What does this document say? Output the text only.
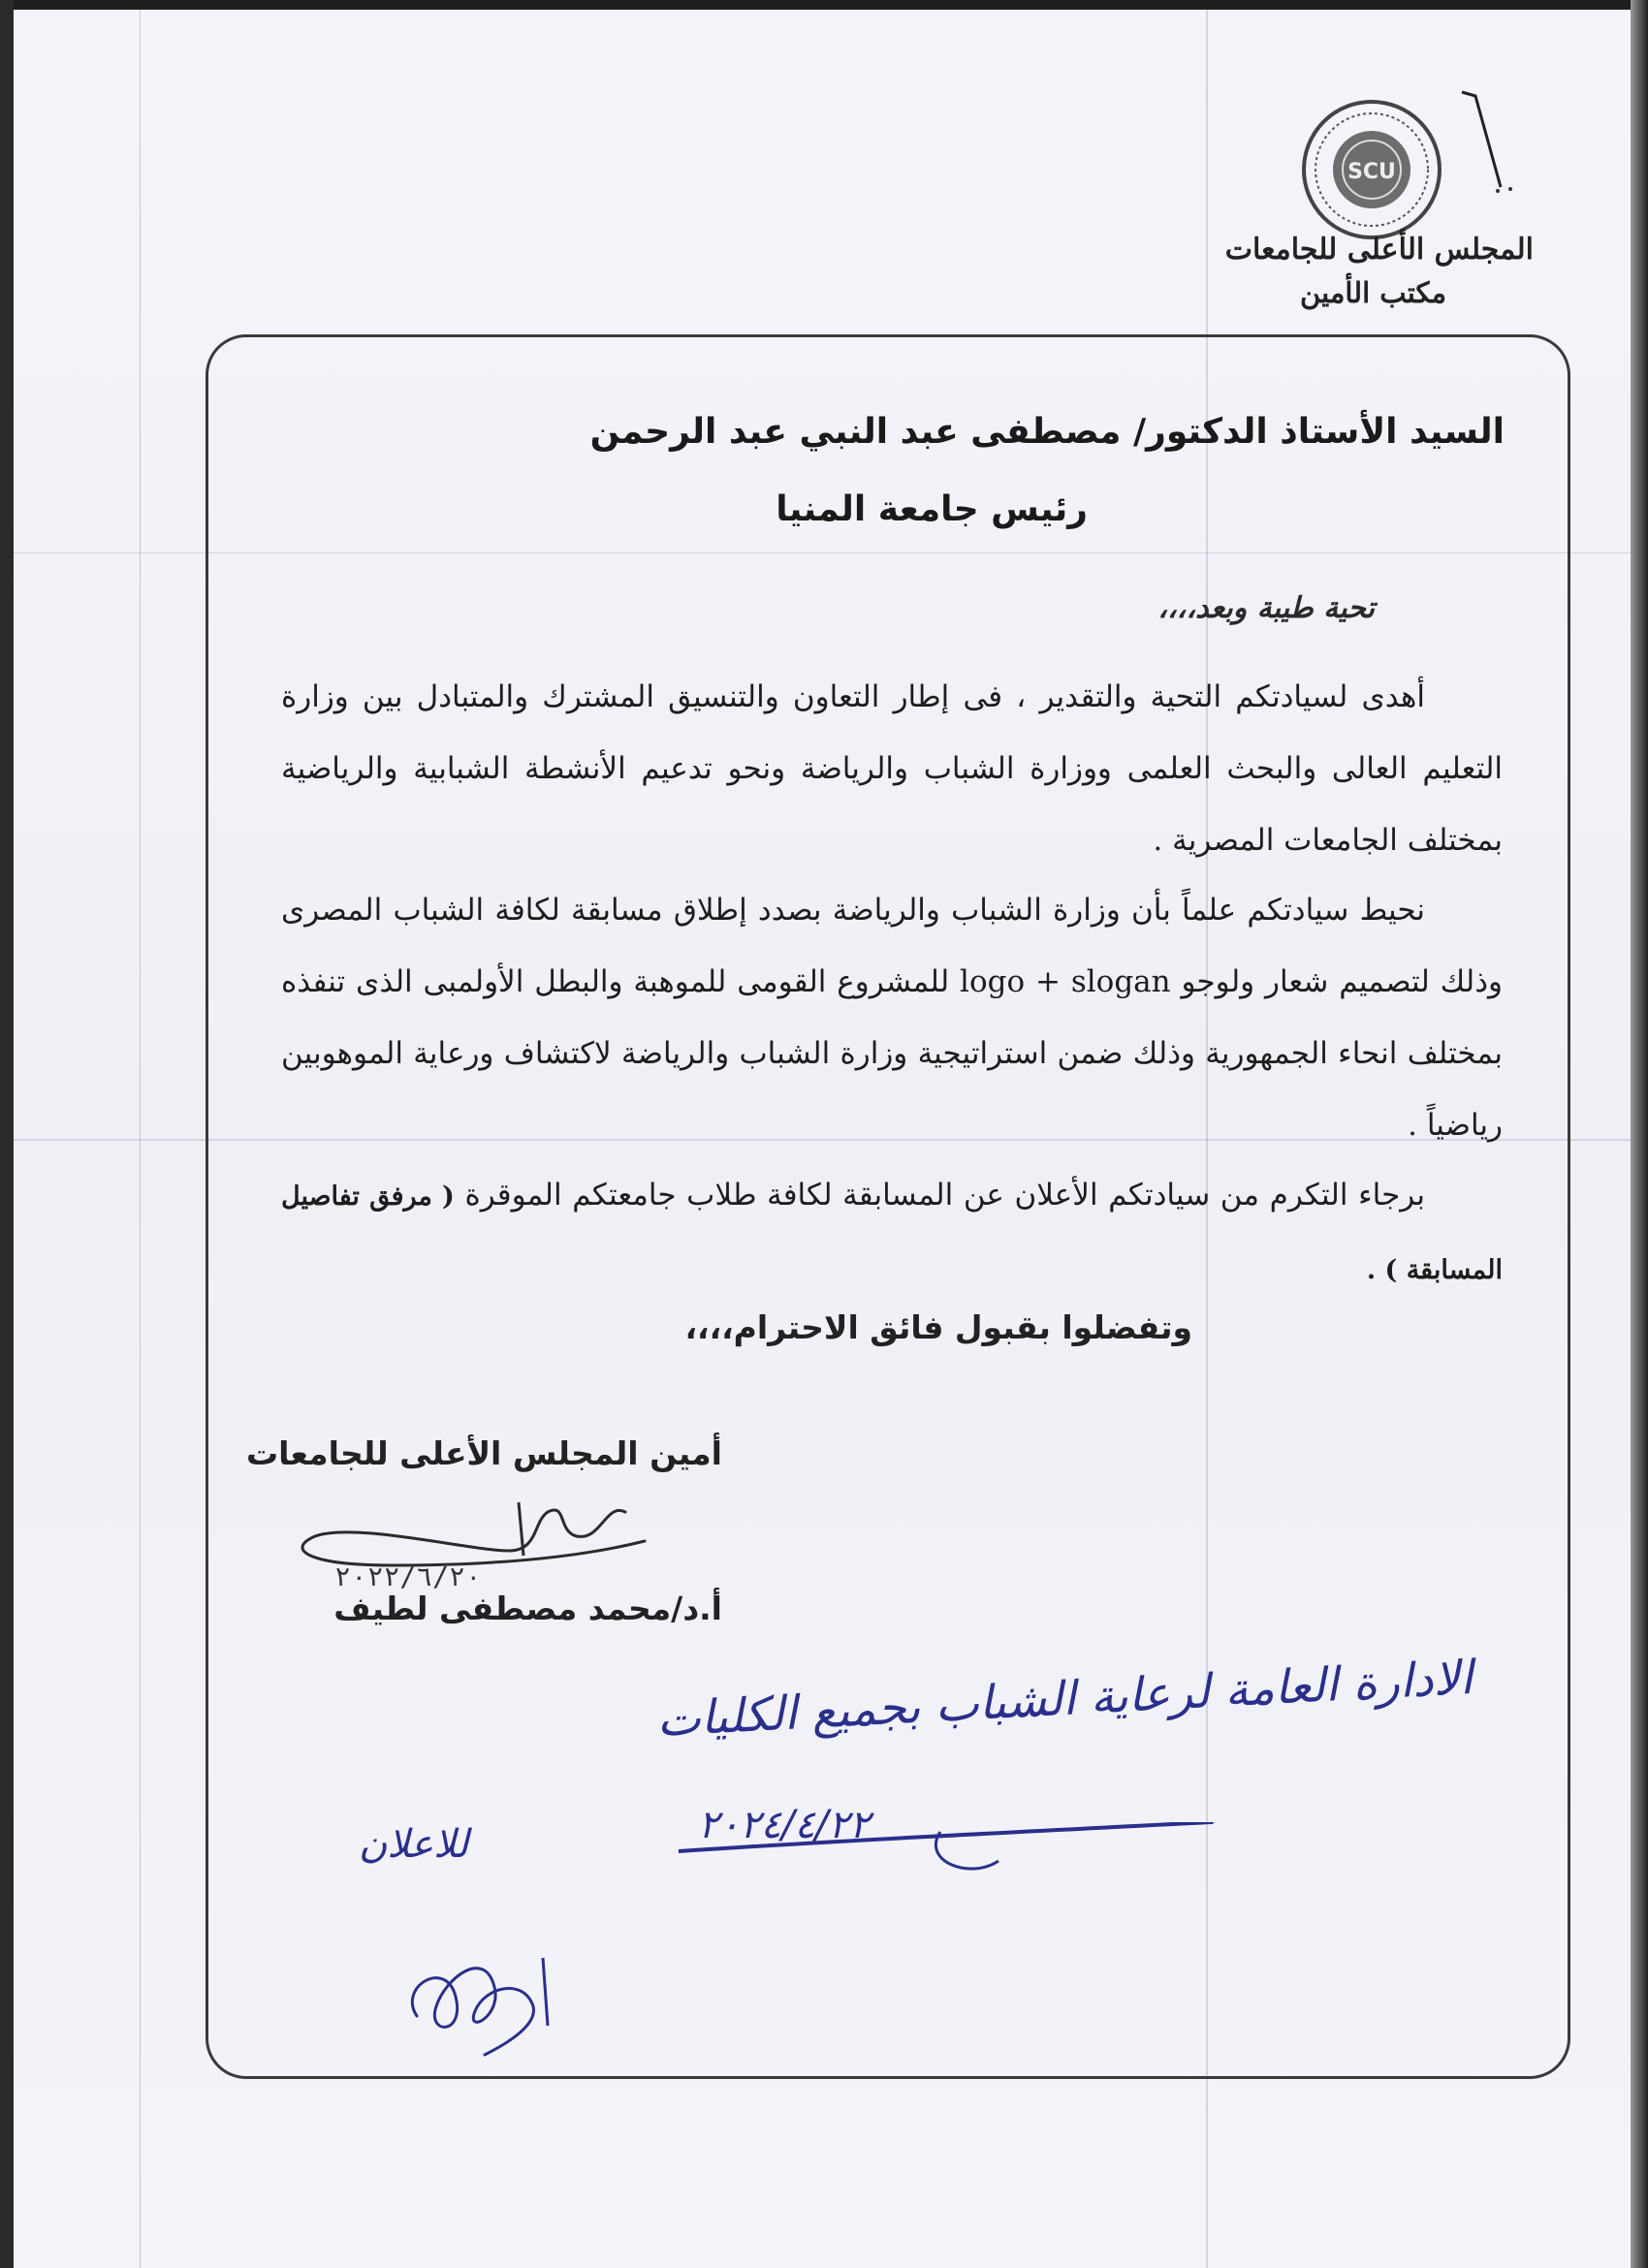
SCU
المجلس الأعلى للجامعات
مكتب الأمين
السيد الأستاذ الدكتور/ مصطفى عبد النبي عبد الرحمن
رئيس جامعة المنيا
تحية طيبة وبعد،،،،
أهدى لسيادتكم التحية والتقدير ، فى إطار التعاون والتنسيق المشترك والمتبادل بين وزارة التعليم العالى والبحث العلمى ووزارة الشباب والرياضة ونحو تدعيم الأنشطة الشبابية والرياضية بمختلف الجامعات المصرية .
نحيط سيادتكم علماً بأن وزارة الشباب والرياضة بصدد إطلاق مسابقة لكافة الشباب المصرى وذلك لتصميم شعار ولوجو logo + slogan للمشروع القومى للموهبة والبطل الأولمبى الذى تنفذه بمختلف انحاء الجمهورية وذلك ضمن استراتيجية وزارة الشباب والرياضة لاكتشاف ورعاية الموهوبين رياضياً .
برجاء التكرم من سيادتكم الأعلان عن المسابقة لكافة طلاب جامعتكم الموقرة ( مرفق تفاصيل المسابقة ) .
وتفضلوا بقبول فائق الاحترام،،،،
أمين المجلس الأعلى للجامعات
أ.د/محمد مصطفى لطيف
٢٠٢٢/٦/٢٠
الادارة العامة لرعاية الشباب بجميع الكليات
٢٠٢٤/٤/٢٢
للاعلان
